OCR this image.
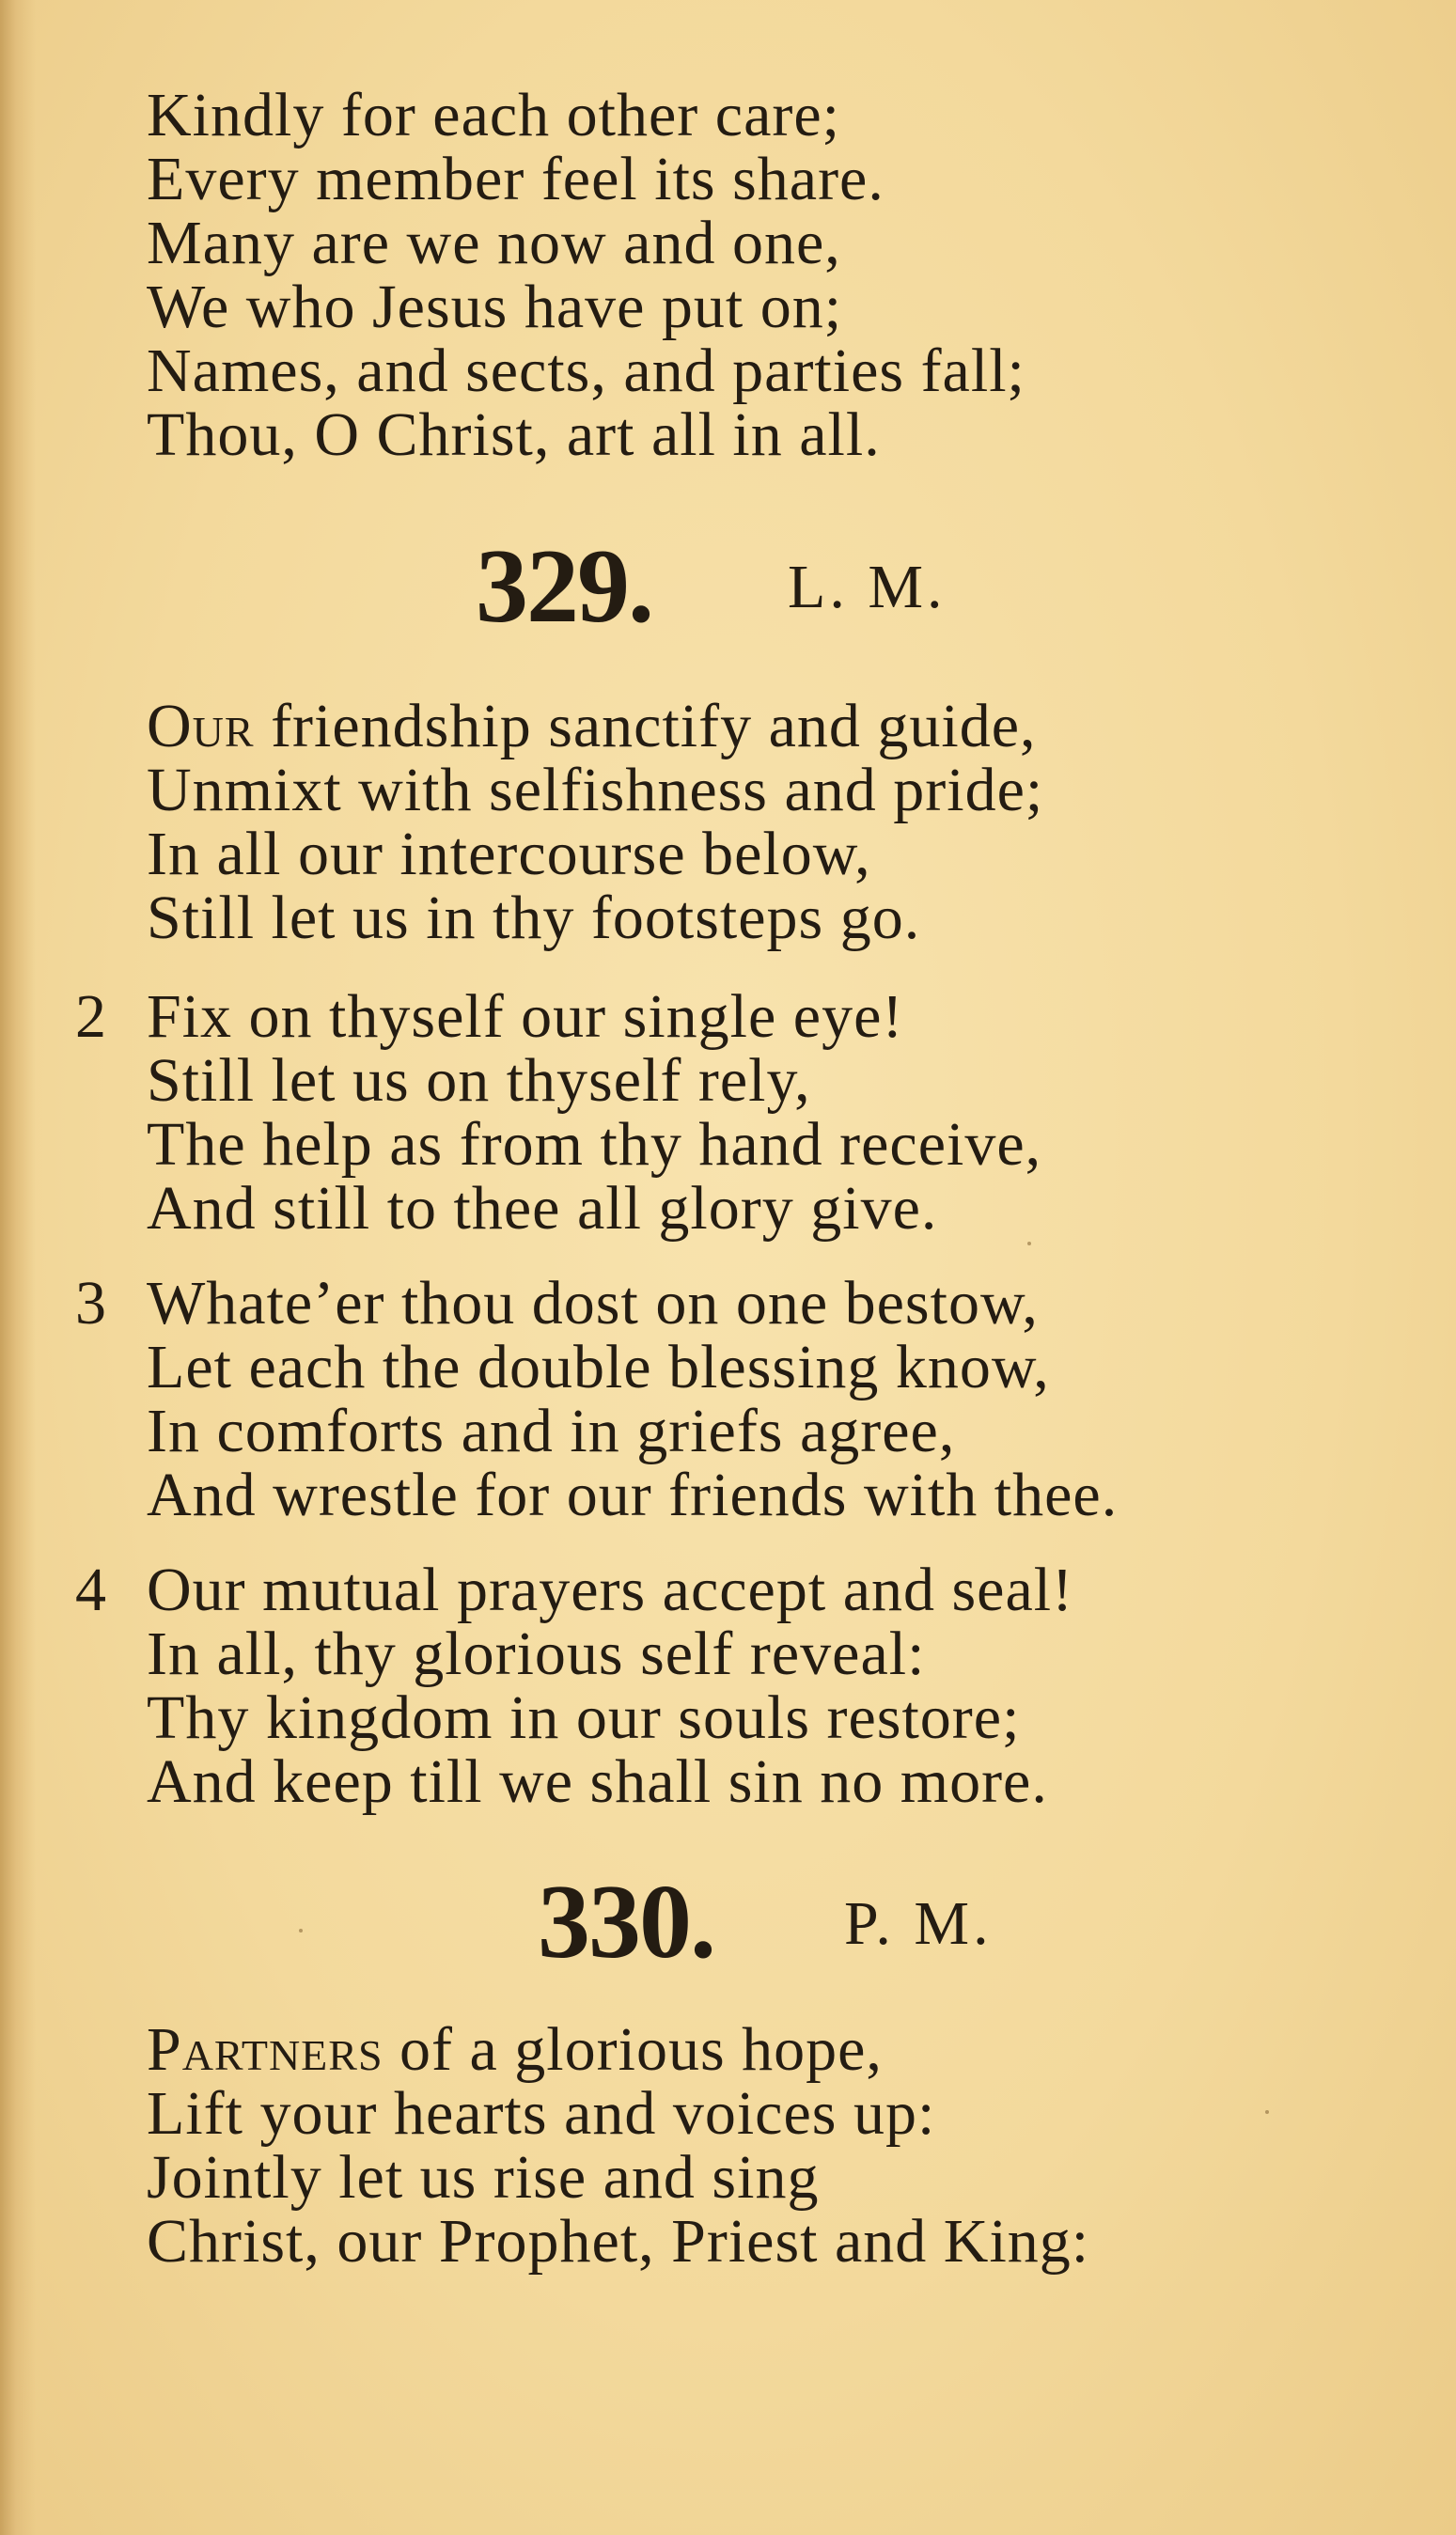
Kindly for each other care;
Every member feel its share.
Many are we now and one,
We who Jesus have put on;
Names, and sects, and parties fall;
Thou, O Christ, art all in all.
329. L. M.
Our friendship sanctify and guide,
Unmixt with selfishness and pride;
In all our intercourse below,
Still let us in thy footsteps go.
2 Fix on thyself our single eye!
Still let us on thyself rely,
The help as from thy hand receive,
And still to thee all glory give.
3 Whate’er thou dost on one bestow,
Let each the double blessing know,
In comforts and in griefs agree,
And wrestle for our friends with thee.
4 Our mutual prayers accept and seal!
In all, thy glorious self reveal:
Thy kingdom in our souls restore;
And keep till we shall sin no more.
330. P. M.
Partners of a glorious hope,
Lift your hearts and voices up:
Jointly let us rise and sing
Christ, our Prophet, Priest and King:
